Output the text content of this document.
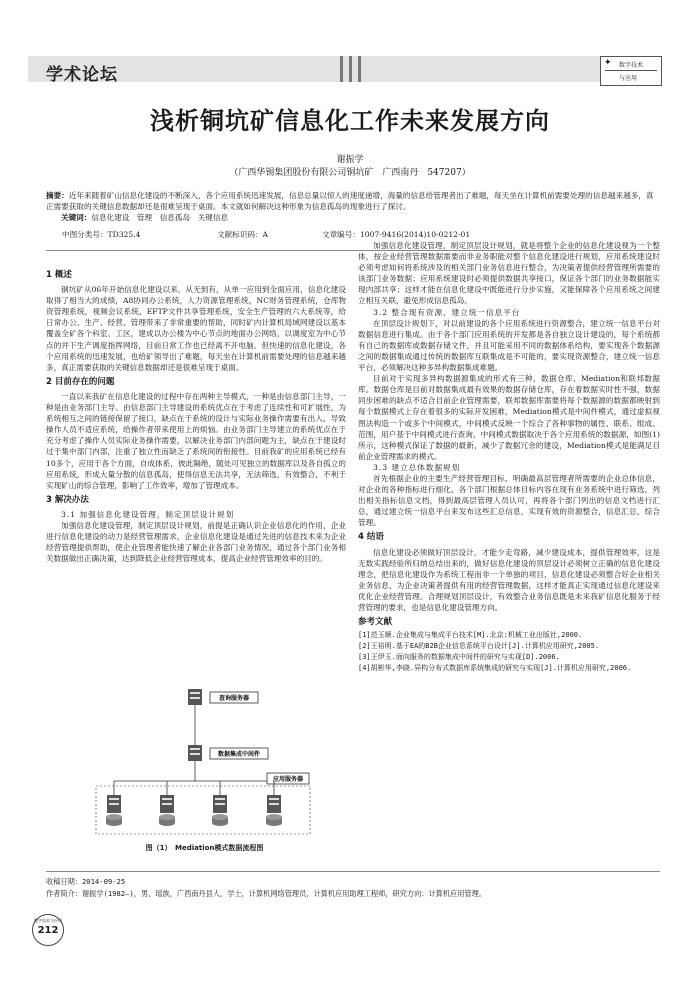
学术论坛
✦ 数字技术
与应用
浅析铜坑矿信息化工作未来发展方向
谢振学
（广西华锡集团股份有限公司铜坑矿　广西南丹　547207）
摘要：近年来随着矿山信息化建设的不断深入，各个应用系统迅速发展，信息总量以惊人的速度递增，海量的信息给管理者出了难题，每天坐在计算机前需要处理的信息越来越多，真正需要获取的关键信息数据却还是很难呈现于桌面。本文就如何解决这种形象为信息孤岛的现象进行了探讨。
关键词：信息化建设　管理　信息孤岛　关键信息
中图分类号：TD325.4	文献标识码：A	文章编号：1007-9416(2014)10-0212-01
1 概述

铜坑矿从06年开始信息化建设以来，从无到有，从单一应用到全面应用，信息化建设取得了相当大的成绩，A8协同办公系统，人力资源管理系统，NC财务管理系统，仓库物资管理系统，视频会议系统，EFTP文件共享管理系统，安全生产管理的六大系统等，给日常办公、生产、经营、管理带来了非常重要的帮助，同时矿内计算机局域网建设以基本覆盖全矿各个科室、工区，建成以办公楼为中心节点的地面办公网络，以调度室为中心节点的井下生产调度指挥网络，目前日常工作也已经离不开电脑。但快速的信息化建设，各个应用系统的迅速发展，也给矿领导出了难题，每天坐在计算机前需要处理的信息越来越多，真正需要获取的关键信息数据却还是很难呈现于桌面。

2 目前存在的问题

一直以来我矿在信息化建设的过程中存在两种主导模式，一种是由信息部门主导，一种是由业务部门主导。由信息部门主导建设的系统优点在于考虑了连续性和可扩展性，为系统相互之间的链接保留了接口，缺点在于系统的设计与实际业务操作需要有出入，导致操作人员不适应系统，给操作者带来使用上的烦恼。由业务部门主导建立的系统优点在于充分考虑了操作人员实际业务操作需要，以解决业务部门内部问题为主，缺点在于建设时过于集中部门内部，注重了独立性而缺乏了系统间的衔接性。目前我矿的应用系统已经有10多个，应用于各个方面，自成体系，彼此隔绝，随处可见独立的数据库以及各自孤立的应用系统，形成大量分散的信息孤岛，使得信息无法共享，无法筛选，有效整合，不利于实现矿山的综合管理，影响了工作效率，增加了管理成本。

3 解决办法
3.1 加强信息化建设管理，制定顶层设计规划

加强信息化建设管理，制定顶层设计规划，前提是正确认识企业信息化的作用，企业进行信息化建设的动力是经营管理需求，企业信息化建设是通过先进的信息技术来为企业经营管理提供帮助，使企业管理者能快速了解企业各部门业务情况，通过各个部门业务相关数据做出正确决策，达到降低企业经营管理成本，提高企业经营管理效率的目的。

查询服务器
数据集成中间件
应用服务器
图（1）　Mediation模式数据流程图

加强信息化建设管理，制定顶层设计规划，就是将整个企业的信息化建设视为一个整体，按企业经营管理数据需要而非业务职能对整个信息化建设进行规划，应用系统建设时必须考虑如何将系统涉及的相关部门业务信息进行整合，为决策者提供经营管理所需要的该部门业务数据；应用系统建设时必须提供数据共享接口，保证各个部门的业务数据能实现内部共享；这样才能在信息化建设中既能进行分步实施，又能保障各个应用系统之间建立相互关联，避免形成信息孤岛。

3.2 整合现有资源，建立统一信息平台

在顶层设计规划下，对以前建设的各个应用系统进行资源整合，建立统一信息平台对数据信息进行集成。由于各个部门应用系统的开发都是各自独立设计建设的，每个系统都有自己的数据库或数据存储文件，并且可能采用不同的数据体系结构，要实现各个数据源之间的数据集成通过传统的数据库互联集成是不可能的，要实现资源整合，建立统一信息平台，必须解决这种多异构数据集成难题。

目前对于实现多异构数据源集成的形式有三种，数据仓库、Mediation和联邦数据库。数据仓库是目前对数据集成最有效果的数据存储仓库，存在着数据实时性不强，数据同步困难的缺点不适合目前企业管理需要，联邦数据库需要将每个数据源的数据都映射到每个数据模式上存在着很多的实际开发困难，Mediation模式是中间件模式，通过虚拟视图法构造一个或多个中间模式，中间模式反映一个综合了各种事物的属性、联系、组成、范围，用户基于中间模式进行查询，中间模式数据取决于各个应用系统的数据源，如图(1)所示，这种模式保证了数据的最新，减少了数据冗余的建设，Mediation模式是能满足目前企业管理需求的模式。

3.3 建立总体数据规划

首先根据企业的主要生产经营管理目标，明确最高层管理者所需要的企业总体信息，对企业的各种指标进行细化，各个部门根据总体目标内容在现有业务系统中进行筛选，列出相关指标信息文档，得到最高层管理人员认可，再将各个部门列出的信息文档进行汇总，通过建立统一信息平台来发布这些汇总信息，实现有效的资源整合，信息汇总，综合管理。

4 结语

信息化建设必须做好顶层设计，才能少走弯路，减少建设成本，提供管理效率，这是无数实践经验所归纳总结出来的，做好信息化建设的顶层设计必须树立正确的信息化建设理念，把信息化建设作为系统工程而非一个单独的项目，信息化建设必须整合好企业相关业务信息，为企业决策者提供有用的经营管理数据，这样才能真正实现通过信息化建设来优化企业经营管理。合理规划顶层设计，有效整合业务信息既是未来我矿信息化服务于经营管理的要求，也是信息化建设管理方向。

参考文献
[1]范玉顺.企业集成与集成平台技术[M].北京:机械工业出版社,2000.
[2]王裕明.基于EA的B2B企业信息系统平台设计[J].计算机应用研究,2005.
[3]王伊玉.面向服务的数据集成中间件的研究与实现[D].2006.
[4]胡彬华,李晓.异构分布式数据库系统集成的研究与实现[J].计算机应用研究,2006.
收稿日期：2014-09-25
作者简介：谢振学(1982—)，男，瑶族，广西南丹县人，学士，计算机网络管理员，计算机应用助理工程师，研究方向：计算机应用管理。
数字技术与应用
212
